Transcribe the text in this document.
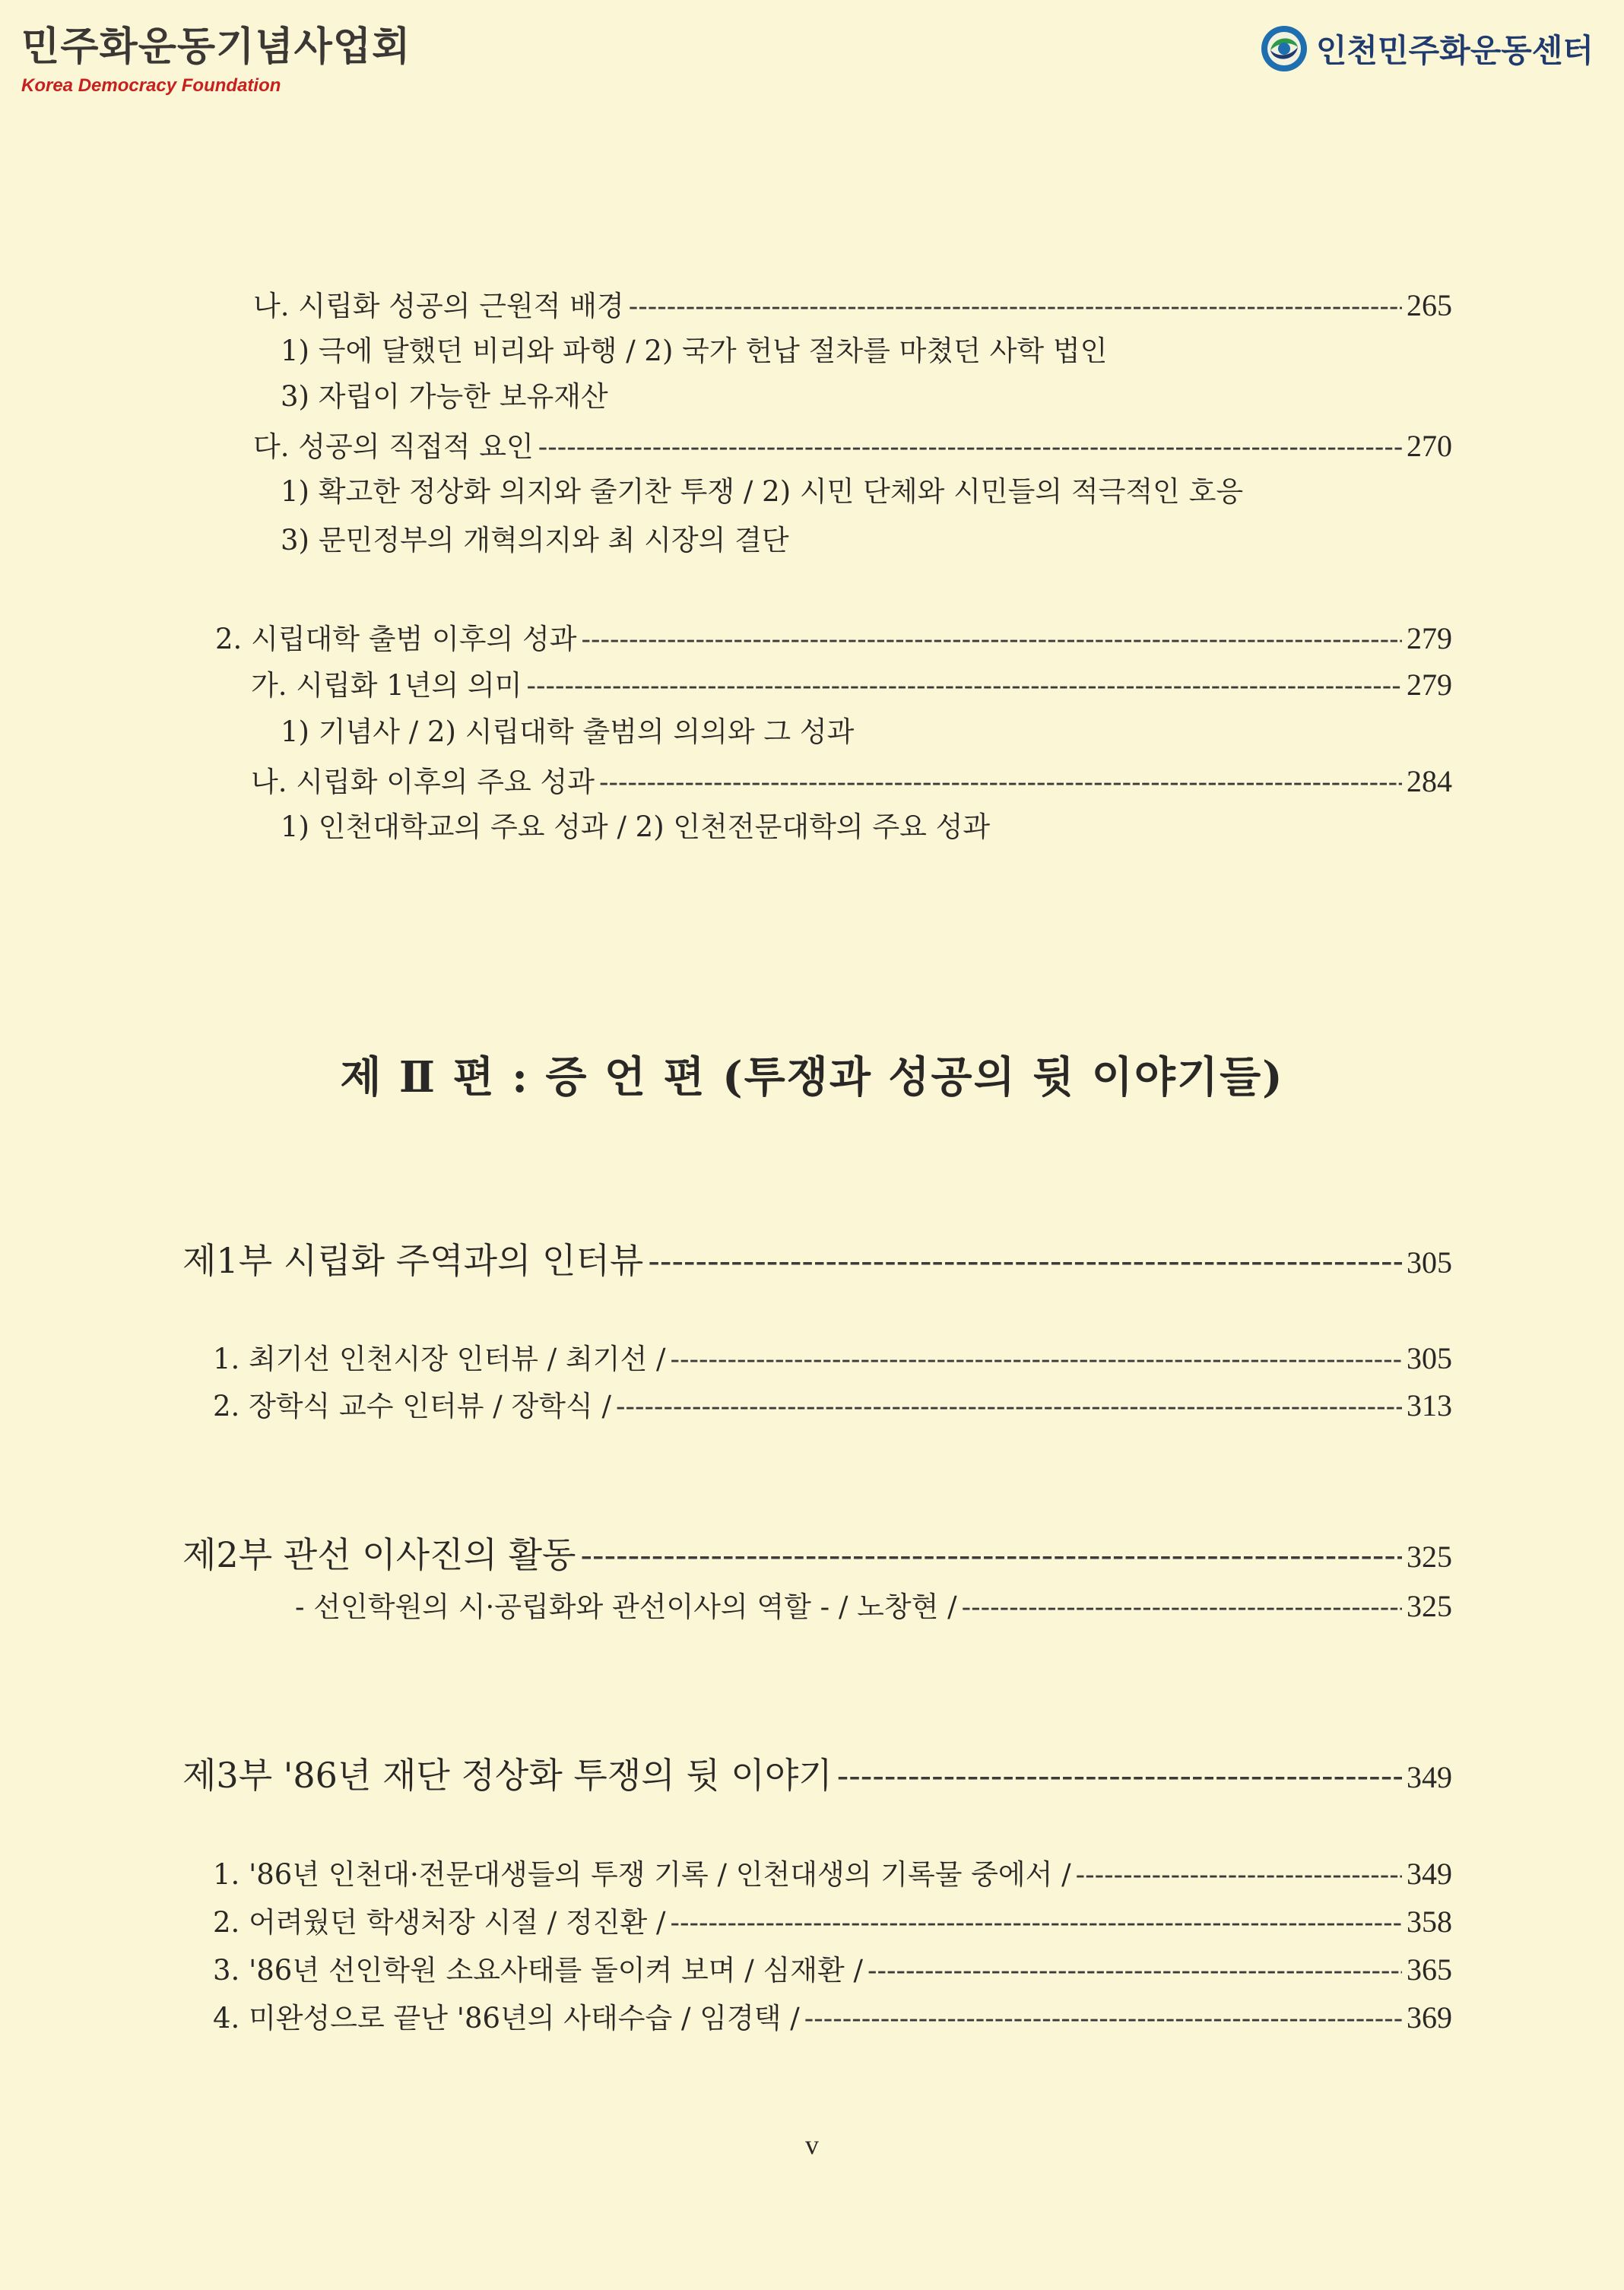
민주화운동기념사업회
Korea Democracy Foundation
인천민주화운동센터
나. 시립화 성공의 근원적 배경 -----	265
1) 극에 달했던 비리와 파행 / 2) 국가 헌납 절차를 마쳤던 사학 법인
3) 자립이 가능한 보유재산
다. 성공의 직접적 요인 -----	270
1) 확고한 정상화 의지와 줄기찬 투쟁 / 2) 시민 단체와 시민들의 적극적인 호응
3) 문민정부의 개혁의지와 최 시장의 결단
2. 시립대학 출범 이후의 성과 -----	279
가. 시립화 1년의 의미 -----	279
1) 기념사 / 2) 시립대학 출범의 의의와 그 성과
나. 시립화 이후의 주요 성과 -----	284
1) 인천대학교의 주요 성과 / 2) 인천전문대학의 주요 성과
제 Ⅱ 편 : 증 언 편 (투쟁과 성공의 뒷 이야기들)
제1부 시립화 주역과의 인터뷰 -----	305
1. 최기선 인천시장 인터뷰 / 최기선 / -----	305
2. 장학식 교수 인터뷰 / 장학식 / -----	313
제2부 관선 이사진의 활동 -----	325
- 선인학원의 시·공립화와 관선이사의 역할 - / 노창현 / -----	325
제3부 '86년 재단 정상화 투쟁의 뒷 이야기 -----	349
1. '86년 인천대·전문대생들의 투쟁 기록 / 인천대생의 기록물 중에서 / -----	349
2. 어려웠던 학생처장 시절 / 정진환 / -----	358
3. '86년 선인학원 소요사태를 돌이켜 보며 / 심재환 / -----	365
4. 미완성으로 끝난 '86년의 사태수습 / 임경택 / -----	369
v
